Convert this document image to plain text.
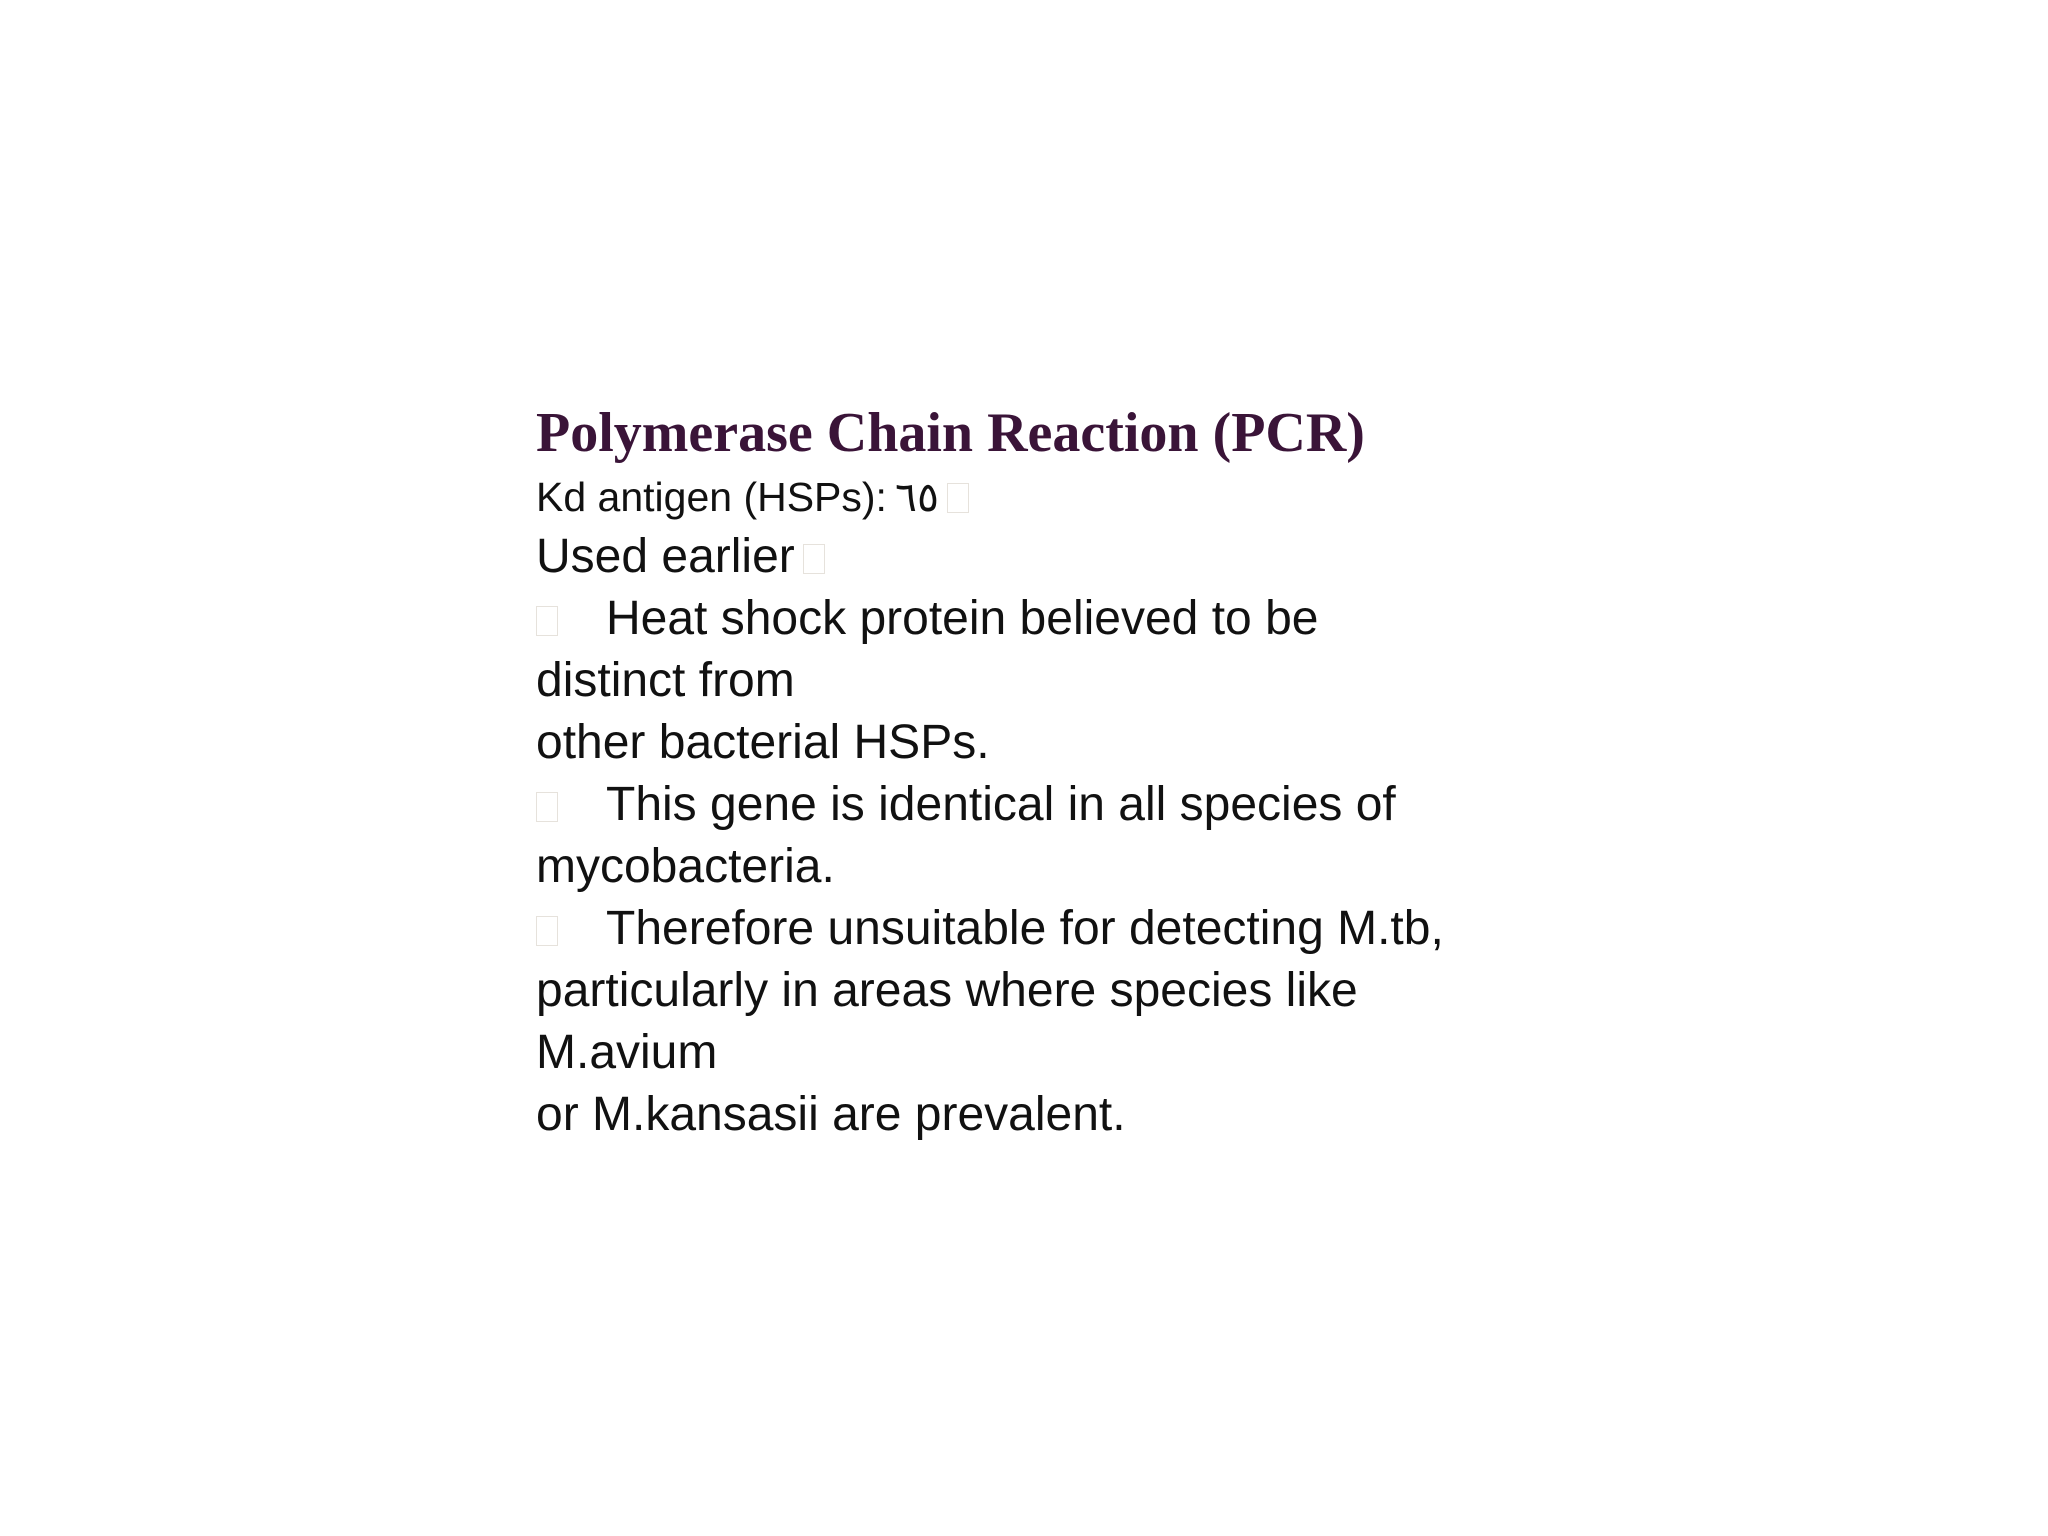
Polymerase Chain Reaction (PCR)

Kd antigen (HSPs): ٦٥

Used earlier

Heat shock protein believed to be

distinct from

other bacterial HSPs.

This gene is identical in all species of

mycobacteria.

Therefore unsuitable for detecting M.tb,

particularly in areas where species like

M.avium

or M.kansasii are prevalent.
